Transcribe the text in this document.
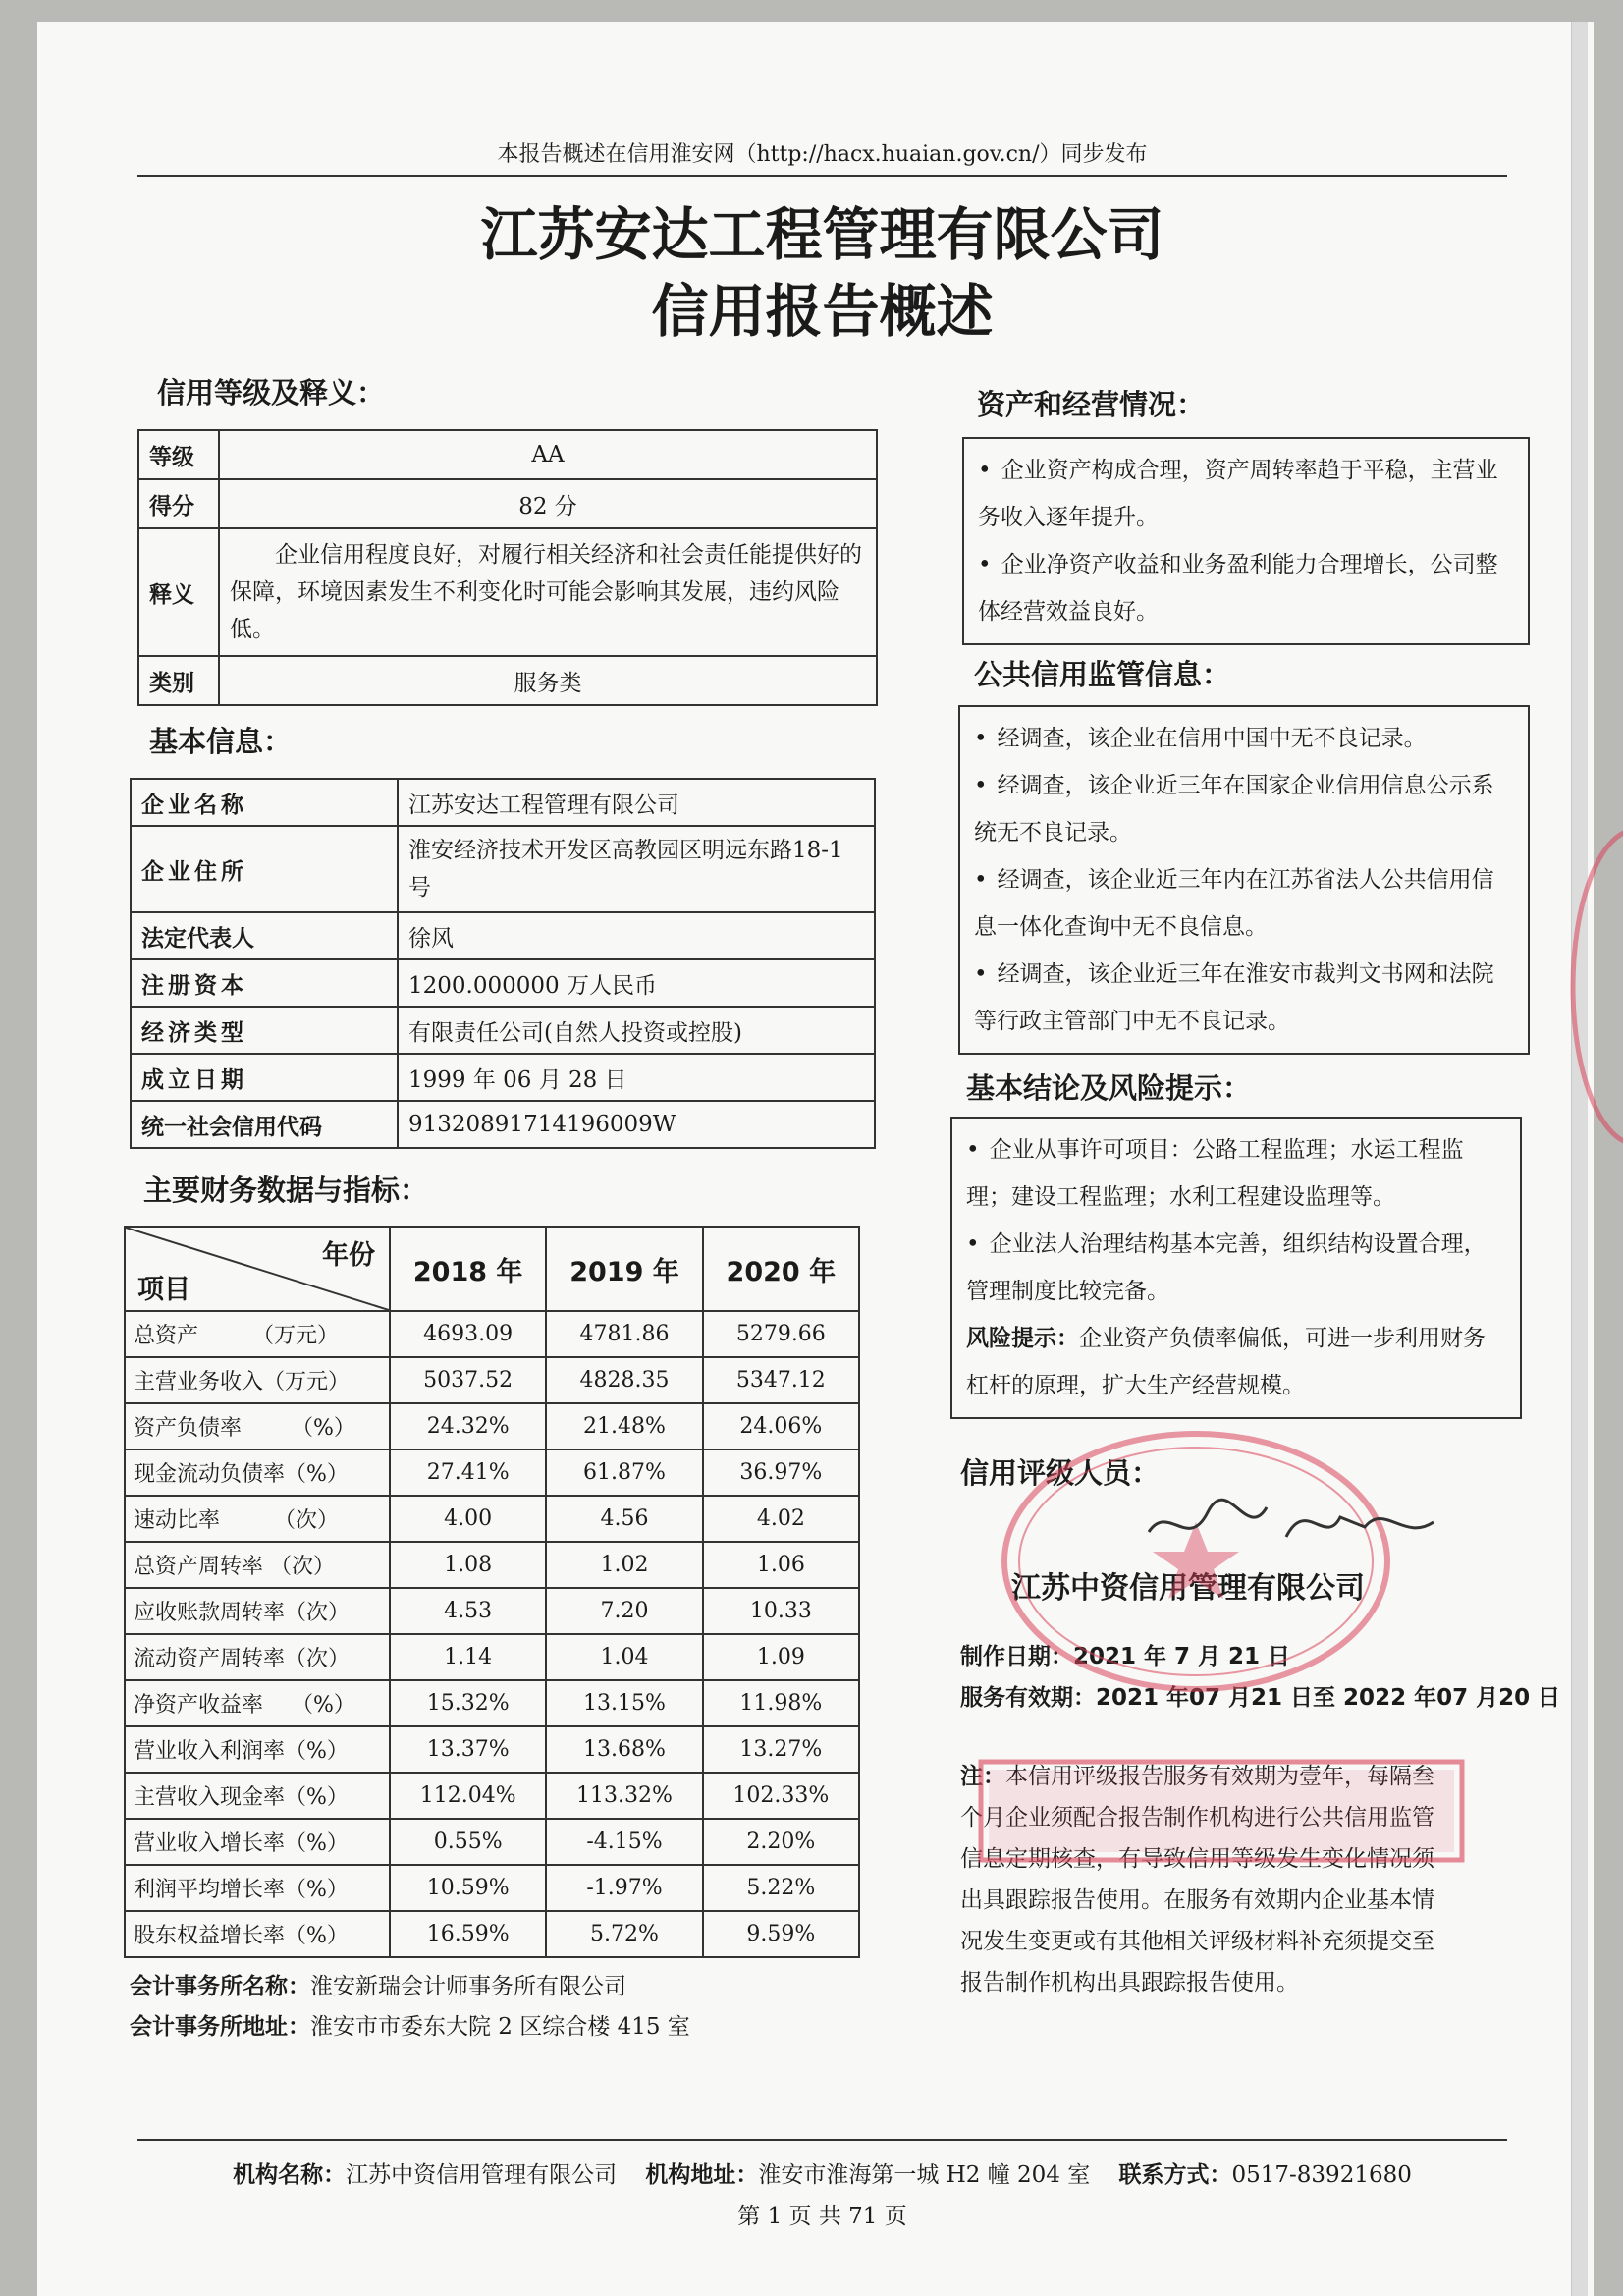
本报告概述在信用淮安网（http://hacx.huaian.gov.cn/）同步发布
江苏安达工程管理有限公司
信用报告概述
信用等级及释义：
等级	AA
得分	82 分
释义	企业信用程度良好，对履行相关经济和社会责任能提供好的保障，环境因素发生不利变化时可能会影响其发展，违约风险低。
类别	服务类
基本信息：
企业名称	江苏安达工程管理有限公司
企业住所	淮安经济技术开发区高教园区明远东路18-1号
法定代表人	徐风
注册资本	1200.000000 万人民币
经济类型	有限责任公司(自然人投资或控股)
成立日期	1999 年 06 月 28 日
统一社会信用代码	91320891714196009W
主要财务数据与指标：
年份
项目	2018 年	2019 年	2020 年
总资产　　　（万元）	4693.09	4781.86	5279.66
主营业务收入（万元）	5037.52	4828.35	5347.12
资产负债率　　 （%）	24.32%	21.48%	24.06%
现金流动负债率（%）	27.41%	61.87%	36.97%
速动比率　　　（次）	4.00	4.56	4.02
总资产周转率 （次）	1.08	1.02	1.06
应收账款周转率（次）	4.53	7.20	10.33
流动资产周转率（次）	1.14	1.04	1.09
净资产收益率　 （%）	15.32%	13.15%	11.98%
营业收入利润率（%）	13.37%	13.68%	13.27%
主营收入现金率（%）	112.04%	113.32%	102.33%
营业收入增长率（%）	0.55%	-4.15%	2.20%
利润平均增长率（%）	10.59%	-1.97%	5.22%
股东权益增长率（%）	16.59%	5.72%	9.59%
会计事务所名称：淮安新瑞会计师事务所有限公司
会计事务所地址：淮安市市委东大院 2 区综合楼 415 室
资产和经营情况：

• 企业资产构成合理，资产周转率趋于平稳，主营业务收入逐年提升。

• 企业净资产收益和业务盈利能力合理增长，公司整体经营效益良好。

公共信用监管信息：

• 经调查，该企业在信用中国中无不良记录。

• 经调查，该企业近三年在国家企业信用信息公示系统无不良记录。

• 经调查，该企业近三年内在江苏省法人公共信用信息一体化查询中无不良信息。

• 经调查，该企业近三年在淮安市裁判文书网和法院等行政主管部门中无不良记录。

基本结论及风险提示：

• 企业从事许可项目：公路工程监理；水运工程监理；建设工程监理；水利工程建设监理等。

• 企业法人治理结构基本完善，组织结构设置合理，管理制度比较完备。

风险提示：企业资产负债率偏低，可进一步利用财务杠杆的原理，扩大生产经营规模。

信用评级人员：
江苏中资信用管理有限公司
制作日期：2021 年 7 月 21 日
服务有效期：2021 年07 月21 日至 2022 年07 月20 日
注：本信用评级报告服务有效期为壹年，每隔叁个月企业须配合报告制作机构进行公共信用监管信息定期核查，有导致信用等级发生变化情况须出具跟踪报告使用。在服务有效期内企业基本情况发生变更或有其他相关评级材料补充须提交至报告制作机构出具跟踪报告使用。
机构名称：江苏中资信用管理有限公司 机构地址：淮安市淮海第一城 H2 幢 204 室 联系方式：0517-83921680
第 1 页 共 71 页
